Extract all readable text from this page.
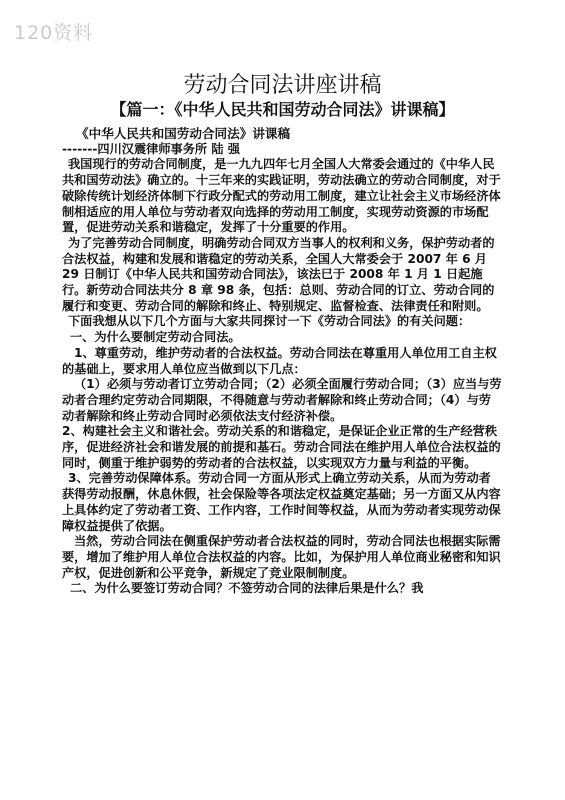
120资料
劳动合同法讲座讲稿
【篇一：《中华人民共和国劳动合同法》讲课稿】

《中华人民共和国劳动合同法》讲课稿

-------四川汉震律师事务所 陆 强

我国现行的劳动合同制度，是一九九四年七月全国人大常委会通过的《中华人民共和国劳动法》确立的。十三年来的实践证明，劳动法确立的劳动合同制度，对于破除传统计划经济体制下行政分配式的劳动用工制度，建立让社会主义市场经济体制相适应的用人单位与劳动者双向选择的劳动用工制度，实现劳动资源的市场配置，促进劳动关系和谐稳定，发挥了十分重要的作用。

为了完善劳动合同制度，明确劳动合同双方当事人的权利和义务，保护劳动者的合法权益，构建和发展和谐稳定的劳动关系，全国人大常委会于 2007 年 6 月 29 日制订《中华人民共和国劳动合同法》，该法已于 2008 年 1 月 1 日起施行。新劳动合同法共分 8 章 98 条，包括：总则、劳动合同的订立、劳动合同的履行和变更、劳动合同的解除和终止、特别规定、监督检查、法律责任和附则。

下面我想从以下几个方面与大家共同探讨一下《劳动合同法》的有关问题：

一、为什么要制定劳动合同法。

1、尊重劳动，维护劳动者的合法权益。劳动合同法在尊重用人单位用工自主权的基础上，要求用人单位应当做到以下几点：

（1）必须与劳动者订立劳动合同；（2）必须全面履行劳动合同；（3）应当与劳动者合理约定劳动合同期限，不得随意与劳动者解除和终止劳动合同；（4）与劳动者解除和终止劳动合同时必须依法支付经济补偿。

2、构建社会主义和谐社会。劳动关系的和谐稳定，是保证企业正常的生产经营秩序，促进经济社会和谐发展的前提和基石。劳动合同法在维护用人单位合法权益的同时，侧重于维护弱势的劳动者的合法权益，以实现双方力量与利益的平衡。

3、完善劳动保障体系。劳动合同一方面从形式上确立劳动关系，从而为劳动者获得劳动报酬，休息休假，社会保险等各项法定权益奠定基础；另一方面又从内容上具体约定了劳动者工资、工作内容，工作时间等权益，从而为劳动者实现劳动保障权益提供了依据。

当然，劳动合同法在侧重保护劳动者合法权益的同时，劳动合同法也根据实际需要，增加了维护用人单位合法权益的内容。比如，为保护用人单位商业秘密和知识产权，促进创新和公平竞争，新规定了竞业限制制度。

二、为什么要签订劳动合同？不签劳动合同的法律后果是什么？我
